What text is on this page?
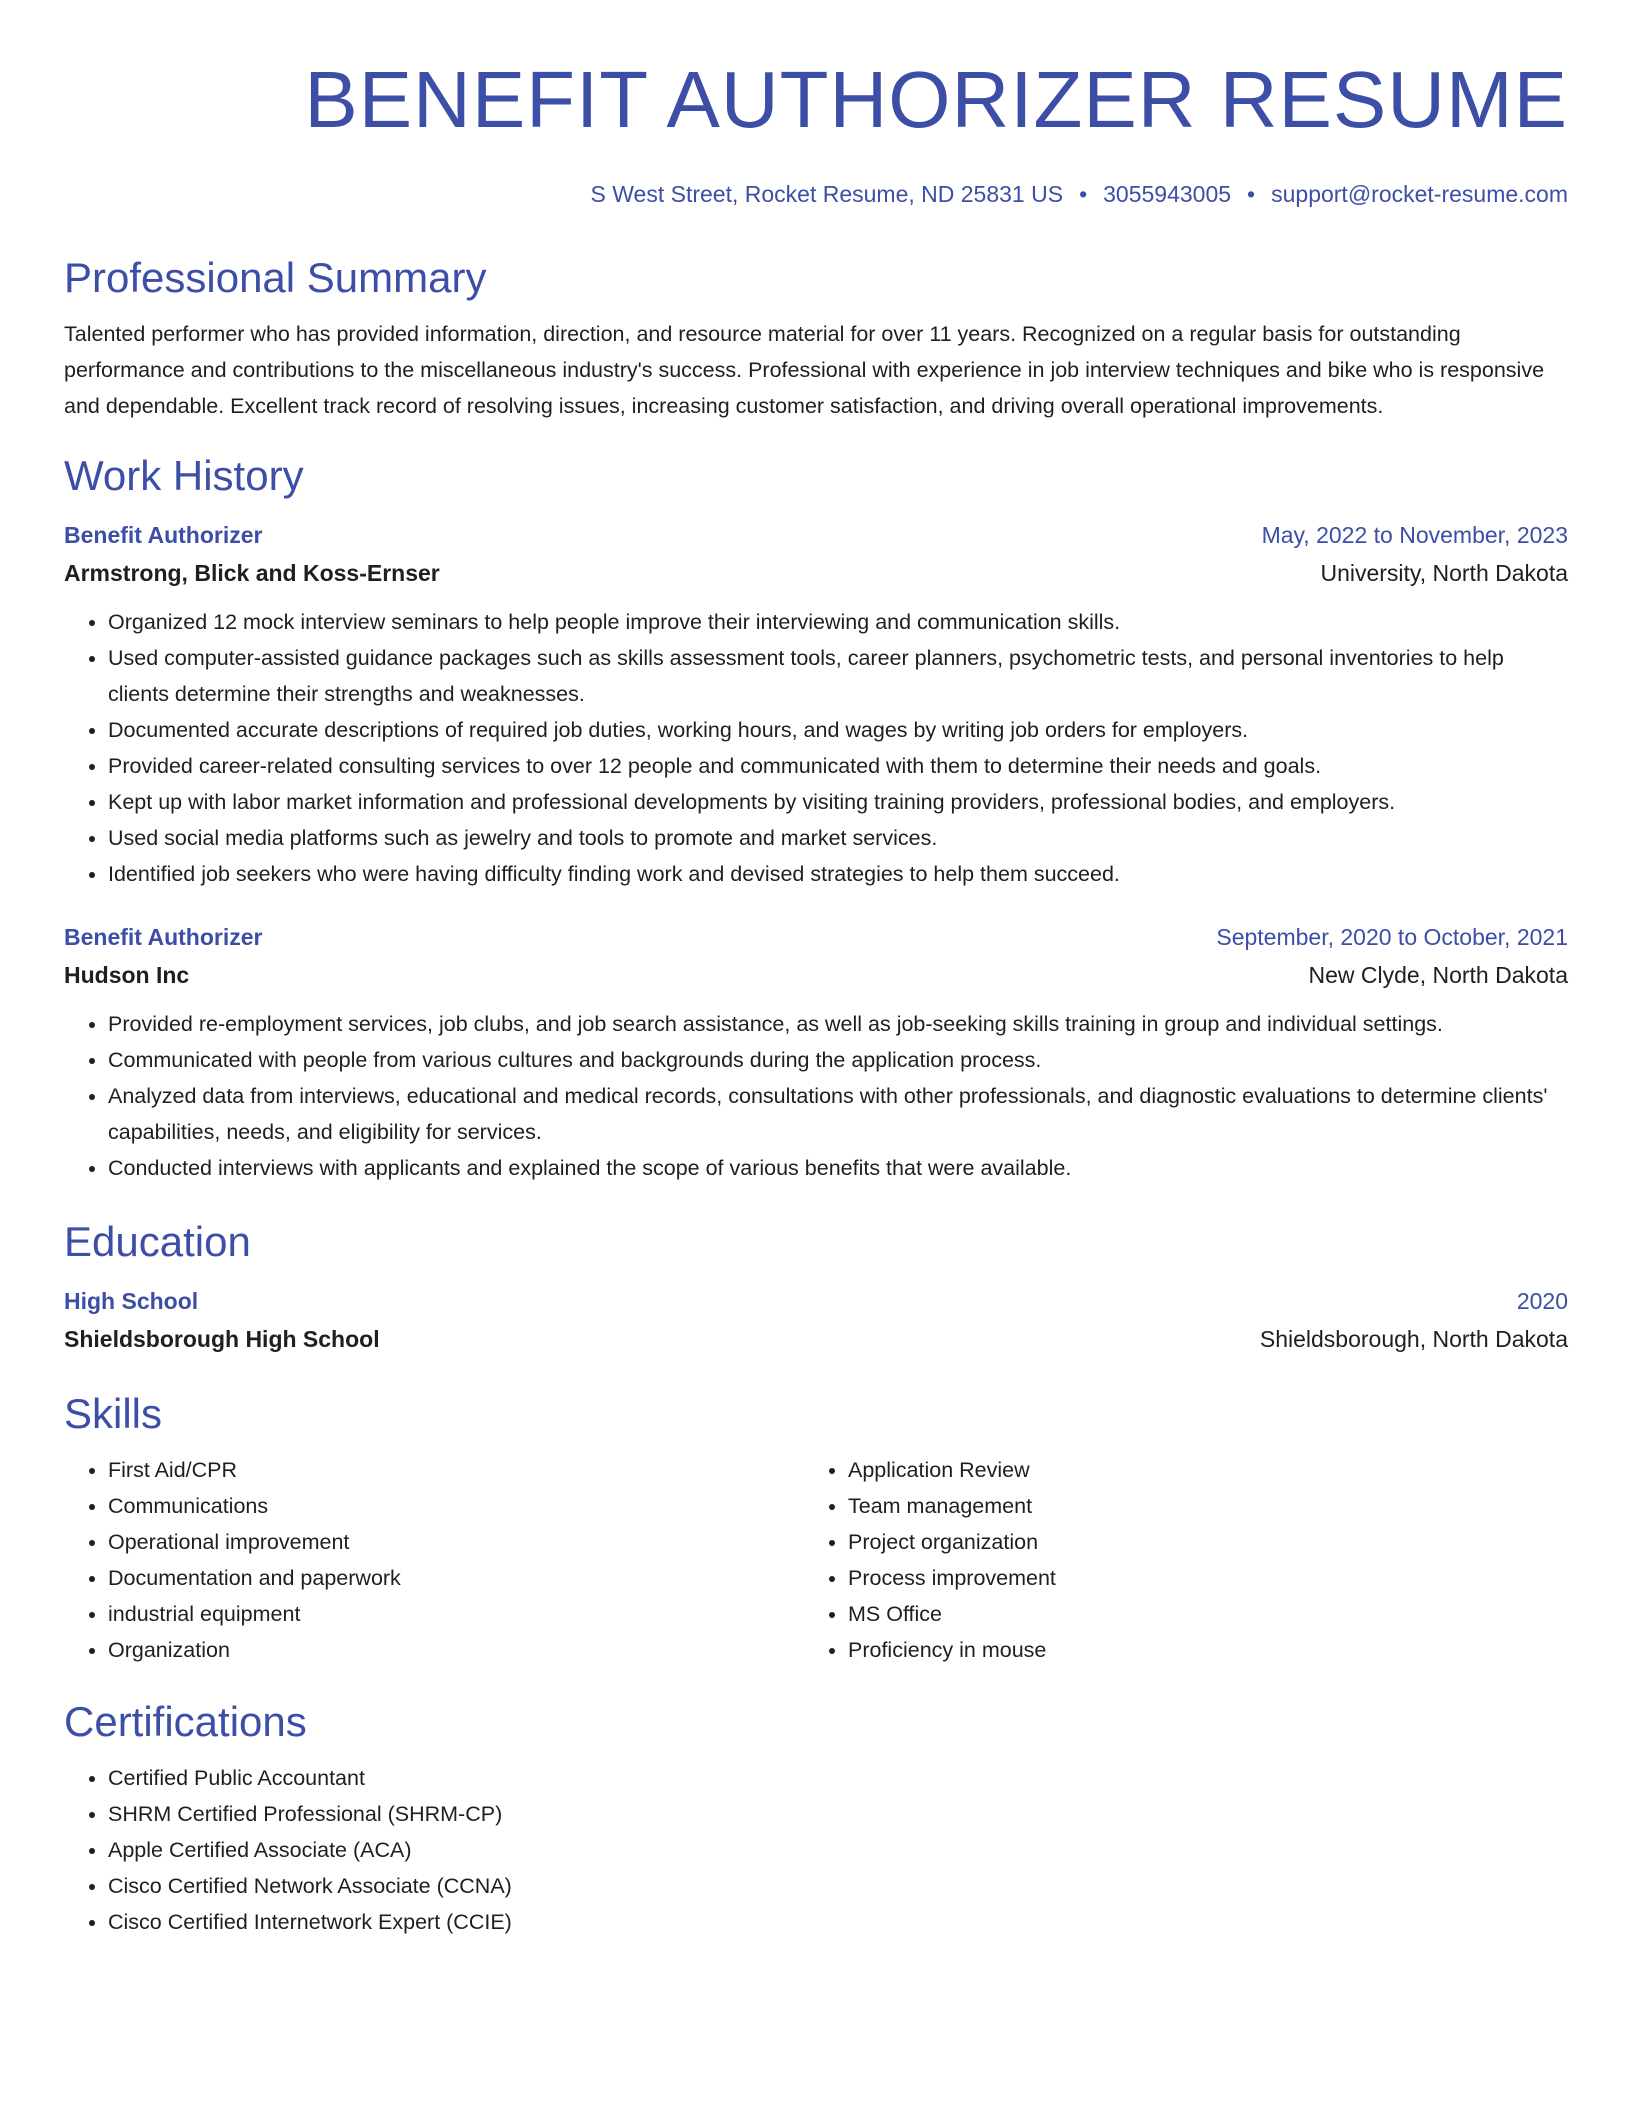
BENEFIT AUTHORIZER RESUME
S West Street, Rocket Resume, ND 25831 US • 3055943005 • support@rocket-resume.com
Professional Summary

Talented performer who has provided information, direction, and resource material for over 11 years. Recognized on a regular basis for outstanding performance and contributions to the miscellaneous industry's success. Professional with experience in job interview techniques and bike who is responsive and dependable. Excellent track record of resolving issues, increasing customer satisfaction, and driving overall operational improvements.

Work History
Benefit Authorizer	May, 2022 to November, 2023
Armstrong, Blick and Koss-Ernser	University, North Dakota
• Organized 12 mock interview seminars to help people improve their interviewing and communication skills.
• Used computer-assisted guidance packages such as skills assessment tools, career planners, psychometric tests, and personal inventories to help clients determine their strengths and weaknesses.
• Documented accurate descriptions of required job duties, working hours, and wages by writing job orders for employers.
• Provided career-related consulting services to over 12 people and communicated with them to determine their needs and goals.
• Kept up with labor market information and professional developments by visiting training providers, professional bodies, and employers.
• Used social media platforms such as jewelry and tools to promote and market services.
• Identified job seekers who were having difficulty finding work and devised strategies to help them succeed.
Benefit Authorizer	September, 2020 to October, 2021
Hudson Inc	New Clyde, North Dakota
• Provided re-employment services, job clubs, and job search assistance, as well as job-seeking skills training in group and individual settings.
• Communicated with people from various cultures and backgrounds during the application process.
• Analyzed data from interviews, educational and medical records, consultations with other professionals, and diagnostic evaluations to determine clients' capabilities, needs, and eligibility for services.
• Conducted interviews with applicants and explained the scope of various benefits that were available.
Education
High School	2020
Shieldsborough High School	Shieldsborough, North Dakota
Skills
• First Aid/CPR
• Communications
• Operational improvement
• Documentation and paperwork
• industrial equipment
• Organization
• Application Review
• Team management
• Project organization
• Process improvement
• MS Office
• Proficiency in mouse
Certifications
• Certified Public Accountant
• SHRM Certified Professional (SHRM-CP)
• Apple Certified Associate (ACA)
• Cisco Certified Network Associate (CCNA)
• Cisco Certified Internetwork Expert (CCIE)
